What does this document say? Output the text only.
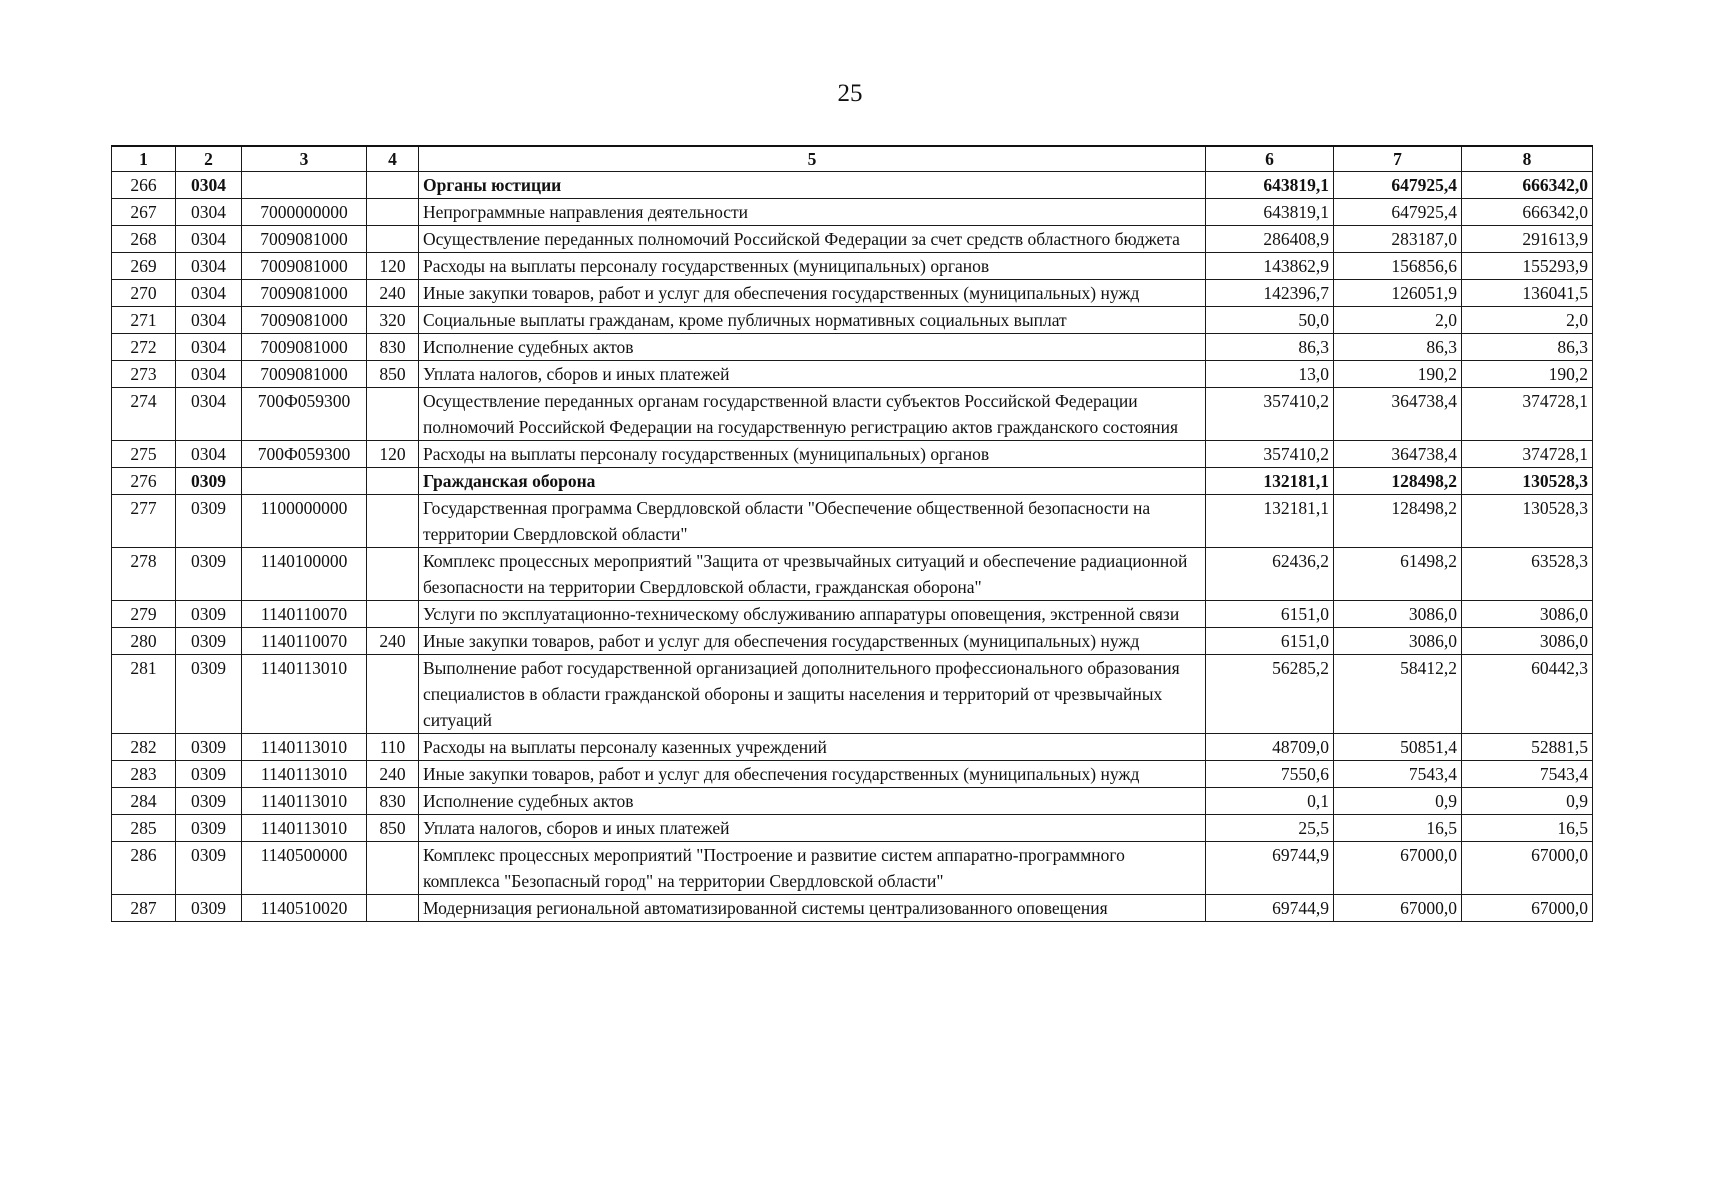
25
1	2	3	4	5	6	7	8
266	0304			Органы юстиции	643819,1	647925,4	666342,0
267	0304	7000000000		Непрограммные направления деятельности	643819,1	647925,4	666342,0
268	0304	7009081000		Осуществление переданных полномочий Российской Федерации за счет средств областного бюджета	286408,9	283187,0	291613,9
269	0304	7009081000	120	Расходы на выплаты персоналу государственных (муниципальных) органов	143862,9	156856,6	155293,9
270	0304	7009081000	240	Иные закупки товаров, работ и услуг для обеспечения государственных (муниципальных) нужд	142396,7	126051,9	136041,5
271	0304	7009081000	320	Социальные выплаты гражданам, кроме публичных нормативных социальных выплат	50,0	2,0	2,0
272	0304	7009081000	830	Исполнение судебных актов	86,3	86,3	86,3
273	0304	7009081000	850	Уплата налогов, сборов и иных платежей	13,0	190,2	190,2
274	0304	700Ф059300		Осуществление переданных органам государственной власти субъектов Российской Федерации полномочий Российской Федерации на государственную регистрацию актов гражданского состояния	357410,2	364738,4	374728,1
275	0304	700Ф059300	120	Расходы на выплаты персоналу государственных (муниципальных) органов	357410,2	364738,4	374728,1
276	0309			Гражданская оборона	132181,1	128498,2	130528,3
277	0309	1100000000		Государственная программа Свердловской области "Обеспечение общественной безопасности на территории Свердловской области"	132181,1	128498,2	130528,3
278	0309	1140100000		Комплекс процессных мероприятий "Защита от чрезвычайных ситуаций и обеспечение радиационной безопасности на территории Свердловской области, гражданская оборона"	62436,2	61498,2	63528,3
279	0309	1140110070		Услуги по эксплуатационно-техническому обслуживанию аппаратуры оповещения, экстренной связи	6151,0	3086,0	3086,0
280	0309	1140110070	240	Иные закупки товаров, работ и услуг для обеспечения государственных (муниципальных) нужд	6151,0	3086,0	3086,0
281	0309	1140113010		Выполнение работ государственной организацией дополнительного профессионального образования специалистов в области гражданской обороны и защиты населения и территорий от чрезвычайных ситуаций	56285,2	58412,2	60442,3
282	0309	1140113010	110	Расходы на выплаты персоналу казенных учреждений	48709,0	50851,4	52881,5
283	0309	1140113010	240	Иные закупки товаров, работ и услуг для обеспечения государственных (муниципальных) нужд	7550,6	7543,4	7543,4
284	0309	1140113010	830	Исполнение судебных актов	0,1	0,9	0,9
285	0309	1140113010	850	Уплата налогов, сборов и иных платежей	25,5	16,5	16,5
286	0309	1140500000		Комплекс процессных мероприятий "Построение и развитие систем аппаратно-программного комплекса "Безопасный город" на территории Свердловской области"	69744,9	67000,0	67000,0
287	0309	1140510020		Модернизация региональной автоматизированной системы централизованного оповещения	69744,9	67000,0	67000,0
